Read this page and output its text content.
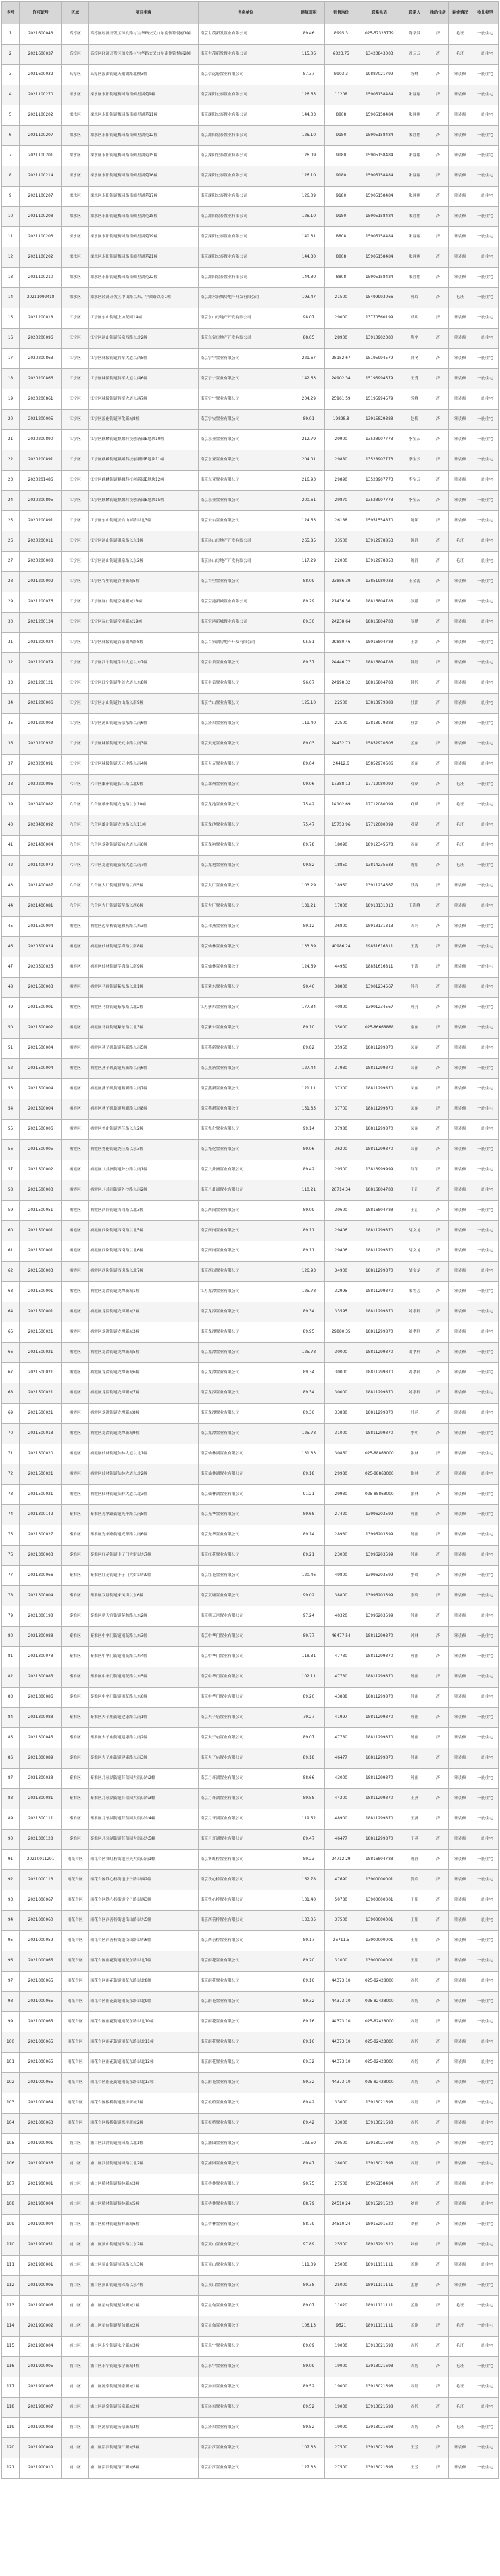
序号	许可证号	区域	项目坐落	售房单位	建筑面积	销售均价	联系电话	联系人	推动住房	装修情况	物业类型
1	2021600043	高淳区	高淳区经济开发区锦发路与宝华路交叉口东南侧锦悦府1幢	南京世茂新发置业有限公司	89.46	8995.3	025-57323779	陶学梦	否	毛坯	一般住宅
2	2021600037	高淳区	高淳区经济开发区锦发路与宝华路交叉口东南侧锦悦府2幢	南京世茂新发置业有限公司	115.06	6823.75	13423843003	周云云	否	毛坯	一般住宅
3	2021600032	高淳区	高淳区淳溪街道天鹅湖路北侧3幢	南京信远府置业有限公司	87.37	8903.3	19887021799	徐峰	否	精装修	一般住宅
4	2021100270	溧水区	溧水区永阳街道梅园路南侧星湖苑9幢	南京溧阳宏泰置业有限公司	126.65	11208	15905158484	朱翔翔	否	精装修	一般住宅
5	2021100202	溧水区	溧水区永阳街道梅园路南侧星湖苑11幢	南京溧阳宏泰置业有限公司	144.03	8808	15905158484	朱翔翔	否	精装修	一般住宅
6	2021100207	溧水区	溧水区永阳街道梅园路南侧星湖苑12幢	南京溧阳宏泰置业有限公司	126.10	9180	15905158484	朱翔翔	否	精装修	一般住宅
7	2021100201	溧水区	溧水区永阳街道梅园路南侧星湖苑15幢	南京溧阳宏泰置业有限公司	126.09	9180	15905158484	朱翔翔	否	精装修	一般住宅
8	2021100214	溧水区	溧水区永阳街道梅园路南侧星湖苑16幢	南京溧阳宏泰置业有限公司	126.10	9180	15905158484	朱翔翔	否	精装修	一般住宅
9	2021100207	溧水区	溧水区永阳街道梅园路南侧星湖苑17幢	南京溧阳宏泰置业有限公司	126.09	9180	15905158484	朱翔翔	否	精装修	一般住宅
10	2021100208	溧水区	溧水区永阳街道梅园路南侧星湖苑18幢	南京溧阳宏泰置业有限公司	126.10	9180	15905158484	朱翔翔	否	精装修	一般住宅
11	2021100203	溧水区	溧水区永阳街道梅园路南侧星湖苑19幢	南京溧阳宏泰置业有限公司	140.31	8808	15905158484	朱翔翔	否	精装修	一般住宅
12	2021100202	溧水区	溧水区永阳街道梅园路南侧星湖苑21幢	南京溧阳宏泰置业有限公司	144.30	8808	15905158484	朱翔翔	否	精装修	一般住宅
13	2021100210	溧水区	溧水区永阳街道梅园路南侧星湖苑22幢	南京溧阳宏泰置业有限公司	144.30	8808	15905158484	朱翔翔	否	精装修	一般住宅
14	20211092418	溧水区	溧水区经济开发区中山路以东、宁溧路以南1幢	南京溧水新城房地产开发有限公司	193.47	21500	15499993066	孙玲	否	毛坯	一般住宅
15	2021200018	江宁区	江宁区东山街道上坊花园14幢	南京东山房地产开发有限公司	98.07	29000	13770560199	武明	否	精装修	一般住宅
16	2020200096	江宁区	江宁区汤山街道汤泉西路以北2幢	南京东谷房地产开发有限公司	88.05	28900	13913902380	陶华	否	精装修	一般住宅
17	2020200863	江宁区	江宁区秣陵街道将军大道以西5幢	南京宁宁置业有限公司	221.67	28152.67	15195994579	韩冬	否	精装修	一般住宅
18	2020200866	江宁区	江宁区秣陵街道将军大道以西6幢	南京宁宁置业有限公司	142.63	24902.34	15195994579	王秀	否	精装修	一般住宅
19	2020200861	江宁区	江宁区秣陵街道将军大道以西7幢	南京宁宁置业有限公司	204.29	25961.59	15195994579	徐峰	否	精装修	一般住宅
20	2021200005	江宁区	江宁区淳化街道淳化新城8幢	南京宁安置业有限公司	89.01	19898.8	13915829888	赵悦	否	精装修	一般住宅
21	2020200890	江宁区	江宁区麒麟街道麒麟科技创新园B地块10幢	南京东亚置业有限公司	212.79	29900	13528907773	李宝云	否	精装修	一般住宅
22	2020200891	江宁区	江宁区麒麟街道麒麟科技创新园B地块11幢	南京东亚置业有限公司	204.01	29880	13528907773	李宝云	否	精装修	一般住宅
23	2020201486	江宁区	江宁区麒麟街道麒麟科技创新园B地块12幢	南京东亚置业有限公司	216.93	29890	13528907773	李宝云	否	精装修	一般住宅
24	2020200895	江宁区	江宁区麒麟街道麒麟科技创新园B地块15幢	南京东亚置业有限公司	200.61	29870	13528907773	李宝云	否	精装修	一般住宅
25	2020200891	江宁区	江宁区东山街道云台山河路以北3幢	南京云台置业有限公司	124.63	26188	15951554870	陈媛	否	精装修	一般住宅
26	2020200011	江宁区	江宁区汤山街道温泉路以东1幢	南京汤山房地产开发有限公司	265.85	33500	13912978853	陈静	否	毛坯	一般住宅
27	2020200008	江宁区	江宁区汤山街道温泉路以东2幢	南京汤山房地产开发有限公司	117.29	22000	13912978853	陈静	否	毛坯	一般住宅
28	2021200002	江宁区	江宁区谷里街道谷里新城5幢	南京谷里置业有限公司	88.09	23886.39	13851980033	王金涛	否	精装修	一般住宅
29	2021200076	江宁区	江宁区禄口街道空港新城18幢	南京空港新城置业有限公司	89.29	21436.36	18816804788	侯鹏	否	精装修	一般住宅
30	2021200134	江宁区	江宁区禄口街道空港新城19幢	南京空港新城置业有限公司	89.30	24238.64	18816804788	侯鹏	否	精装修	一般住宅
31	2021200024	江宁区	江宁区秣陵街道百家湖西路8幢	南京百家湖房地产开发有限公司	95.51	29880.46	18016804788	王凯	否	精装修	一般住宅
32	2021200079	江宁区	江宁区江宁街道牛首大道以东7幢	南京牛首置业有限公司	89.37	24446.77	18816804788	韩婷	否	精装修	一般住宅
33	2021200121	江宁区	江宁区江宁街道牛首大道以东8幢	南京牛首置业有限公司	96.07	24998.32	18816804788	韩婷	否	精装修	一般住宅
34	2021200006	江宁区	江宁区东山街道竹山路以南9幢	南京竹山置业有限公司	125.10	22500	13813979888	杜凯	否	精装修	一般住宅
35	2021200003	江宁区	江宁区汤山街道汤泉东路以南6幢	南京汤泉置业有限公司	111.40	22500	13813979888	杜凯	否	精装修	一般住宅
36	2020200937	江宁区	江宁区秣陵街道天元中路以南3幢	南京天元置业有限公司	89.03	24432.73	15852970606	孟丽	否	精装修	一般住宅
37	2020200091	江宁区	江宁区秣陵街道天元中路以南4幢	南京天元置业有限公司	89.04	24412.6	15852970606	孟丽	否	精装修	一般住宅
38	2020200096	六合区	六合区雄州街道长江路以北9幢	南京雄州置业有限公司	99.06	17388.13	17712080099	邓斌	否	毛坯	一般住宅
39	2020400082	六合区	六合区雄州街道龙池路以东10幢	南京龙池置业有限公司	75.42	14102.69	17712080099	邓斌	否	毛坯	一般住宅
40	2020400092	六合区	六合区雄州街道龙池路以东11幢	南京龙池置业有限公司	75.47	15753.96	17712080099	邓斌	否	毛坯	一般住宅
41	2021400004	六合区	六合区龙袍街道新城大道以南6幢	南京龙袍置业有限公司	89.78	18090	18912345678	周丽	否	毛坯	一般住宅
42	2021400079	六合区	六合区龙袍街道新城大道以南7幢	南京龙袍置业有限公司	99.82	18850	13814235633	陈娟	否	毛坯	一般住宅
43	2021400087	六合区	六合区大厂街道新华路以西5幢	南京大厂置业有限公司	103.29	18950	13911234567	钱森	否	精装修	一般住宅
44	2021400081	六合区	六合区大厂街道新华路以西6幢	南京大厂置业有限公司	131.21	17800	18913131313	王海峰	否	精装修	一般住宅
45	2021500004	栖霞区	栖霞区迈皋桥街道和燕路以东3幢	南京和燕置业有限公司	89.12	36800	18913131313	周莉	否	精装修	一般住宅
46	2020500024	栖霞区	栖霞区仙林街道学海路以南8幢	南京仙林置业有限公司	133.39	40986.24	19851616811	王涛	否	精装修	一般住宅
47	2020500025	栖霞区	栖霞区仙林街道学海路以南9幢	南京仙林置业有限公司	124.69	44950	18851616811	王涛	否	精装修	一般住宅
48	2021500003	栖霞区	栖霞区马群街道紫东路以北1幢	南京紫东置业有限公司	90.46	38800	13901234567	孙亮	否	精装修	一般住宅
49	2021500001	栖霞区	栖霞区马群街道紫东路以北2幢	江苏紫东置业有限公司	177.34	40800	13901234567	孙亮	否	精装修	一般住宅
50	2021500002	栖霞区	栖霞区马群街道紫东路以北3幢	南京紫东置业有限公司	89.10	35000	025-86668888	谢丽	否	精装修	一般住宅
51	2021500004	栖霞区	栖霞区燕子矶街道燕新路以南5幢	南京燕新置业有限公司	89.82	35950	18811299870	吴丽	否	精装修	一般住宅
52	2021500004	栖霞区	栖霞区燕子矶街道燕新路以南6幢	南京燕新置业有限公司	127.44	37980	18811299870	吴丽	否	精装修	一般住宅
53	2021500004	栖霞区	栖霞区燕子矶街道燕新路以南7幢	南京燕新置业有限公司	121.11	37300	18811299870	吴丽	否	精装修	一般住宅
54	2021500004	栖霞区	栖霞区燕子矶街道燕新路以南8幢	南京燕新置业有限公司	151.35	37700	18811299870	吴丽	否	精装修	一般住宅
55	2021500006	栖霞区	栖霞区尧化街道尧佳路以东2幢	南京尧化置业有限公司	99.14	37980	18811299870	吴丽	否	精装修	一般住宅
56	2021500005	栖霞区	栖霞区尧化街道尧佳路以东3幢	南京尧化置业有限公司	89.06	36200	18811299870	吴丽	否	精装修	一般住宅
57	2021500002	栖霞区	栖霞区八卦洲街道外沙路以南1幢	南京八卦洲置业有限公司	89.42	29500	13813999999	何军	否	精装修	一般住宅
58	2021500003	栖霞区	栖霞区八卦洲街道外沙路以南2幢	南京八卦洲置业有限公司	110.21	26714.34	18816804788	王汇	否	精装修	一般住宅
59	2021500051	栖霞区	栖霞区西岗街道西岗路以北3幢	南京西岗置业有限公司	89.09	30600	18816804788	王汇	否	精装修	一般住宅
60	2021500001	栖霞区	栖霞区西岗街道西岗路以北5幢	南京西岗置业有限公司	89.11	29406	18811299870	胡文龙	否	精装修	一般住宅
61	2021500001	栖霞区	栖霞区西岗街道西岗路以北6幢	南京西岗置业有限公司	89.11	29406	18811299870	胡文龙	否	精装修	一般住宅
62	2021500003	栖霞区	栖霞区西岗街道西岗路以北7幢	南京西岗置业有限公司	126.93	34900	18811299870	胡文龙	否	精装修	一般住宅
63	2021500001	栖霞区	栖霞区龙潭街道龙潭新城1幢	江苏龙潭置业有限公司	125.78	32995	18811299870	朱雪芳	否	精装修	一般住宅
64	2021500001	栖霞区	栖霞区龙潭街道龙潭新城2幢	南京龙潭置业有限公司	89.34	33595	18811299870	刘孝科	否	精装修	一般住宅
65	2021500021	栖霞区	栖霞区龙潭街道龙潭新城3幢	南京龙潭置业有限公司	89.95	29880.35	18811299870	刘孝科	否	精装修	一般住宅
66	2021500021	栖霞区	栖霞区龙潭街道龙潭新城5幢	南京龙潭置业有限公司	125.78	30000	18811299870	刘孝科	否	精装修	一般住宅
67	2021500021	栖霞区	栖霞区龙潭街道龙潭新城6幢	南京龙潭置业有限公司	89.34	30000	18811299870	刘孝科	否	精装修	一般住宅
68	2021500021	栖霞区	栖霞区龙潭街道龙潭新城7幢	南京龙潭置业有限公司	89.34	30000	18811299870	刘孝科	否	精装修	一般住宅
69	2021500021	栖霞区	栖霞区龙潭街道龙潭新城8幢	南京龙潭置业有限公司	89.36	33880	18811299870	杜莉	否	精装修	一般住宅
70	2021500018	栖霞区	栖霞区龙潭街道龙潭新城9幢	南京龙潭置业有限公司	125.78	31000	18811299870	李明	否	精装修	一般住宅
71	2021500020	栖霞区	栖霞区仙林街道仙林大道以北1幢	南京仙林湖置业有限公司	131.33	30860	025-88868000	张林	否	精装修	一般住宅
72	2021500021	栖霞区	栖霞区仙林街道仙林大道以北2幢	南京仙林湖置业有限公司	89.18	29980	025-88868000	张林	否	精装修	一般住宅
73	2021500021	栖霞区	栖霞区仙林街道仙林大道以北3幢	南京仙林湖置业有限公司	91.21	29980	025-88868000	张林	否	精装修	一般住宅
74	2021300142	秦淮区	秦淮区光华路街道光华路以南5幢	南京光华置业有限公司	89.68	27420	13996203599	孙雨	否	精装修	一般住宅
75	2021300027	秦淮区	秦淮区光华路街道光华路以南6幢	南京光华置业有限公司	89.14	28980	13996203599	孙雨	否	精装修	一般住宅
76	2021300003	秦淮区	秦淮区红花街道卡子门大街以东7幢	南京红花置业有限公司	89.21	23000	13996203599	孙雨	否	精装修	一般住宅
77	2021300066	秦淮区	秦淮区红花街道卡子门大街以东9幢	南京红花置业有限公司	120.46	49800	13996203599	李晓	否	精装修	一般住宅
78	2021300004	秦淮区	秦淮区双塘街道来凤街以东6幢	南京双塘置业有限公司	99.02	38800	13996203599	李晓	否	精装修	一般住宅
79	2021300198	秦淮区	秦淮区朝天宫街道莫愁路以东2幢	南京朝天宫置业有限公司	97.24	40320	13996203599	孙雨	否	精装修	一般住宅
80	2021300088	秦淮区	秦淮区中华门街道雨花路以东3幢	南京中华门置业有限公司	89.77	46477.54	18811299870	钟林	否	精装修	一般住宅
81	2021300078	秦淮区	秦淮区中华门街道雨花路以东4幢	南京中华门置业有限公司	118.31	47780	18811299870	孙雨	否	精装修	一般住宅
82	2021300085	秦淮区	秦淮区中华门街道雨花路以东5幢	南京中华门置业有限公司	102.11	47780	18811299870	孙雨	否	精装修	一般住宅
83	2021300086	秦淮区	秦淮区中华门街道雨花路以东6幢	南京中华门置业有限公司	89.20	43888	18811299870	孙雨	否	精装修	一般住宅
84	2021300088	秦淮区	秦淮区夫子庙街道建康路以南1幢	南京夫子庙置业有限公司	79.27	41997	18811299870	孙雨	否	精装修	一般住宅
85	2021300045	秦淮区	秦淮区夫子庙街道建康路以南2幢	南京夫子庙置业有限公司	89.07	47780	18811299870	孙雨	否	精装修	一般住宅
86	2021300089	秦淮区	秦淮区夫子庙街道建康路以南3幢	南京夫子庙置业有限公司	89.18	46477	18811299870	孙雨	否	精装修	一般住宅
87	2021300038	秦淮区	秦淮区月牙湖街道苜蓿园大街以东2幢	南京月牙湖置业有限公司	88.66	43000	18811299870	孙雨	否	精装修	一般住宅
88	2021300081	秦淮区	秦淮区月牙湖街道苜蓿园大街以东3幢	南京月牙湖置业有限公司	89.58	44200	18811299870	王燕	否	精装修	一般住宅
89	2021300111	秦淮区	秦淮区月牙湖街道苜蓿园大街以东4幢	南京月牙湖置业有限公司	119.52	48900	18811299870	王燕	否	精装修	一般住宅
90	2021300128	秦淮区	秦淮区月牙湖街道苜蓿园大街以东5幢	南京月牙湖置业有限公司	89.47	46477	18811299870	王燕	否	精装修	一般住宅
91	20210011291	雨花台区	雨花台区赛虹桥街道应天大街以南1幢	南京赛虹桥置业有限公司	89.23	24712.29	18816804788	陈静	否	精装修	一般住宅
92	2021000113	雨花台区	雨花台区铁心桥街道宁丹路以西2幢	南京铁心桥置业有限公司	162.78	47690	13900000001	郭宸	否	精装修	一般住宅
93	2021000067	雨花台区	雨花台区铁心桥街道宁丹路以西3幢	南京铁心桥置业有限公司	131.40	50780	13900000001	王娟	否	精装修	一般住宅
94	2021000060	雨花台区	雨花台区西善桥街道岱山路以东5幢	南京西善桥置业有限公司	133.05	37500	13900000001	王娟	否	精装修	一般住宅
95	2021000059	雨花台区	雨花台区西善桥街道岱山路以东6幢	南京西善桥置业有限公司	89.17	26711.5	13900000001	王娟	否	精装修	一般住宅
96	2021000065	雨花台区	雨花台区雨花街道雨花东路以北7幢	南京雨花置业有限公司	89.20	31000	13900000001	王娟	否	精装修	一般住宅
97	2021000065	雨花台区	雨花台区雨花街道雨花东路以北8幢	南京雨花置业有限公司	89.16	44373.10	025-82428000	周婷	否	精装修	一般住宅
98	2021000065	雨花台区	雨花台区雨花街道雨花东路以北9幢	南京雨花置业有限公司	89.32	44373.10	025-82428000	周婷	否	精装修	一般住宅
99	2021000065	雨花台区	雨花台区雨花街道雨花东路以北10幢	南京雨花置业有限公司	89.16	44373.10	025-82428000	周婷	否	精装修	一般住宅
100	2021000065	雨花台区	雨花台区雨花街道雨花东路以北11幢	南京雨花置业有限公司	89.16	44373.10	025-82428000	周婷	否	精装修	一般住宅
101	2021000065	雨花台区	雨花台区雨花街道雨花东路以北12幢	南京雨花置业有限公司	89.32	44373.10	025-82428000	周婷	否	精装修	一般住宅
102	2021000065	雨花台区	雨花台区雨花街道雨花东路以北13幢	南京雨花置业有限公司	89.32	44373.10	025-82428000	周婷	否	精装修	一般住宅
103	2021000064	雨花台区	雨花台区板桥街道板桥新城1幢	南京板桥置业有限公司	89.42	33000	13913021698	周婷	否	精装修	一般住宅
104	2021000063	雨花台区	雨花台区板桥街道板桥新城2幢	南京板桥置业有限公司	89.42	33000	13913021698	周婷	否	精装修	一般住宅
105	2021900001	浦口区	浦口区江浦街道浦园路以北1幢	南京浦园置业有限公司	123.50	29500	13913021698	周婷	否	精装修	一般住宅
106	2021900036	浦口区	浦口区江浦街道浦园路以北2幢	南京浦园置业有限公司	89.47	28000	13913021698	周婷	否	精装修	一般住宅
107	2021900001	浦口区	浦口区桥林街道桥林新城3幢	南京桥林置业有限公司	90.75	27500	15905158484	周婷	否	精装修	一般住宅
108	2021900004	浦口区	浦口区桥林街道桥林新城5幢	南京桥林置业有限公司	88.79	24510.24	18915291520	刘伟	否	精装修	一般住宅
109	2021900004	浦口区	浦口区桥林街道桥林新城6幢	南京桥林置业有限公司	88.79	24510.24	18915291520	刘伟	否	精装修	一般住宅
110	2021900051	浦口区	浦口区顶山街道浦珠路以东2幢	南京顶山置业有限公司	97.89	25500	18915291520	刘伟	否	精装修	一般住宅
111	2021900001	浦口区	浦口区顶山街道浦珠路以东3幢	南京顶山置业有限公司	111.09	25000	18911111111	孟刚	否	精装修	一般住宅
112	2021900006	浦口区	浦口区顶山街道浦珠路以东4幢	南京顶山置业有限公司	89.38	25000	18911111111	孟刚	否	精装修	一般住宅
113	2021900006	浦口区	浦口区星甸街道星甸新城1幢	南京星甸置业有限公司	89.07	11020	18911111111	孟刚	否	毛坯	一般住宅
114	2021900002	浦口区	浦口区星甸街道星甸新城2幢	南京星甸置业有限公司	106.13	9521	18911111111	孟刚	否	毛坯	一般住宅
115	2021900004	浦口区	浦口区永宁街道永宁新城3幢	南京永宁置业有限公司	89.09	19000	13913021698	周婷	否	毛坯	一般住宅
116	2021900005	浦口区	浦口区永宁街道永宁新城4幢	南京永宁置业有限公司	89.09	19000	13913021698	周婷	否	毛坯	一般住宅
117	2021900006	浦口区	浦口区汤泉街道汤泉新城1幢	南京汤泉置业有限公司	89.52	19000	13913021698	周婷	否	毛坯	一般住宅
118	2021900007	浦口区	浦口区汤泉街道汤泉新城2幢	南京汤泉置业有限公司	89.52	19000	13913021698	周婷	否	毛坯	一般住宅
119	2021900008	浦口区	浦口区汤泉街道汤泉新城3幢	南京汤泉置业有限公司	89.52	19000	13913021698	周婷	否	毛坯	一般住宅
120	2021900009	浦口区	浦口区沿江街道沿江新城5幢	南京沿江置业有限公司	107.33	27500	13913021698	王芳	否	精装修	一般住宅
121	2021900010	浦口区	浦口区沿江街道沿江新城6幢	南京沿江置业有限公司	127.33	27500	13913021698	王芳	否	精装修	一般住宅
